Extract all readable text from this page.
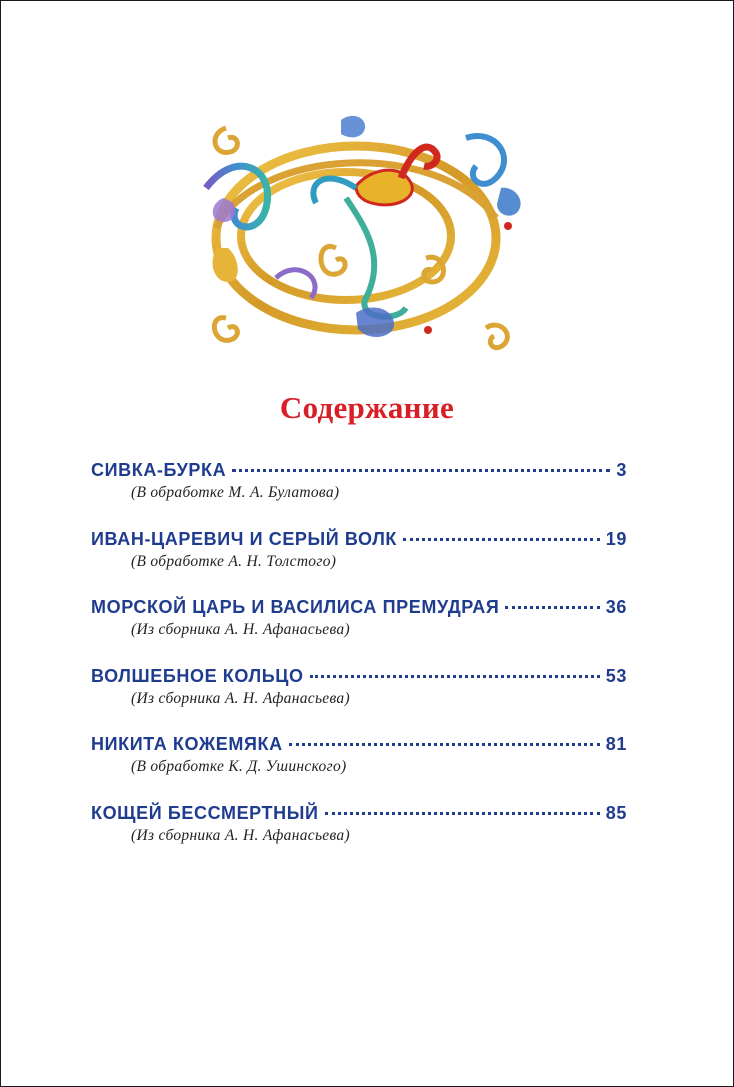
Содержание
СИВКА-БУРКА	3
(В обработке М. А. Булатова)
ИВАН-ЦАРЕВИЧ И СЕРЫЙ ВОЛК	19
(В обработке А. Н. Толстого)
МОРСКОЙ ЦАРЬ И ВАСИЛИСА ПРЕМУДРАЯ	36
(Из сборника А. Н. Афанасьева)
ВОЛШЕБНОЕ КОЛЬЦО	53
(Из сборника А. Н. Афанасьева)
НИКИТА КОЖЕМЯКА	81
(В обработке К. Д. Ушинского)
КОЩЕЙ БЕССМЕРТНЫЙ	85
(Из сборника А. Н. Афанасьева)
